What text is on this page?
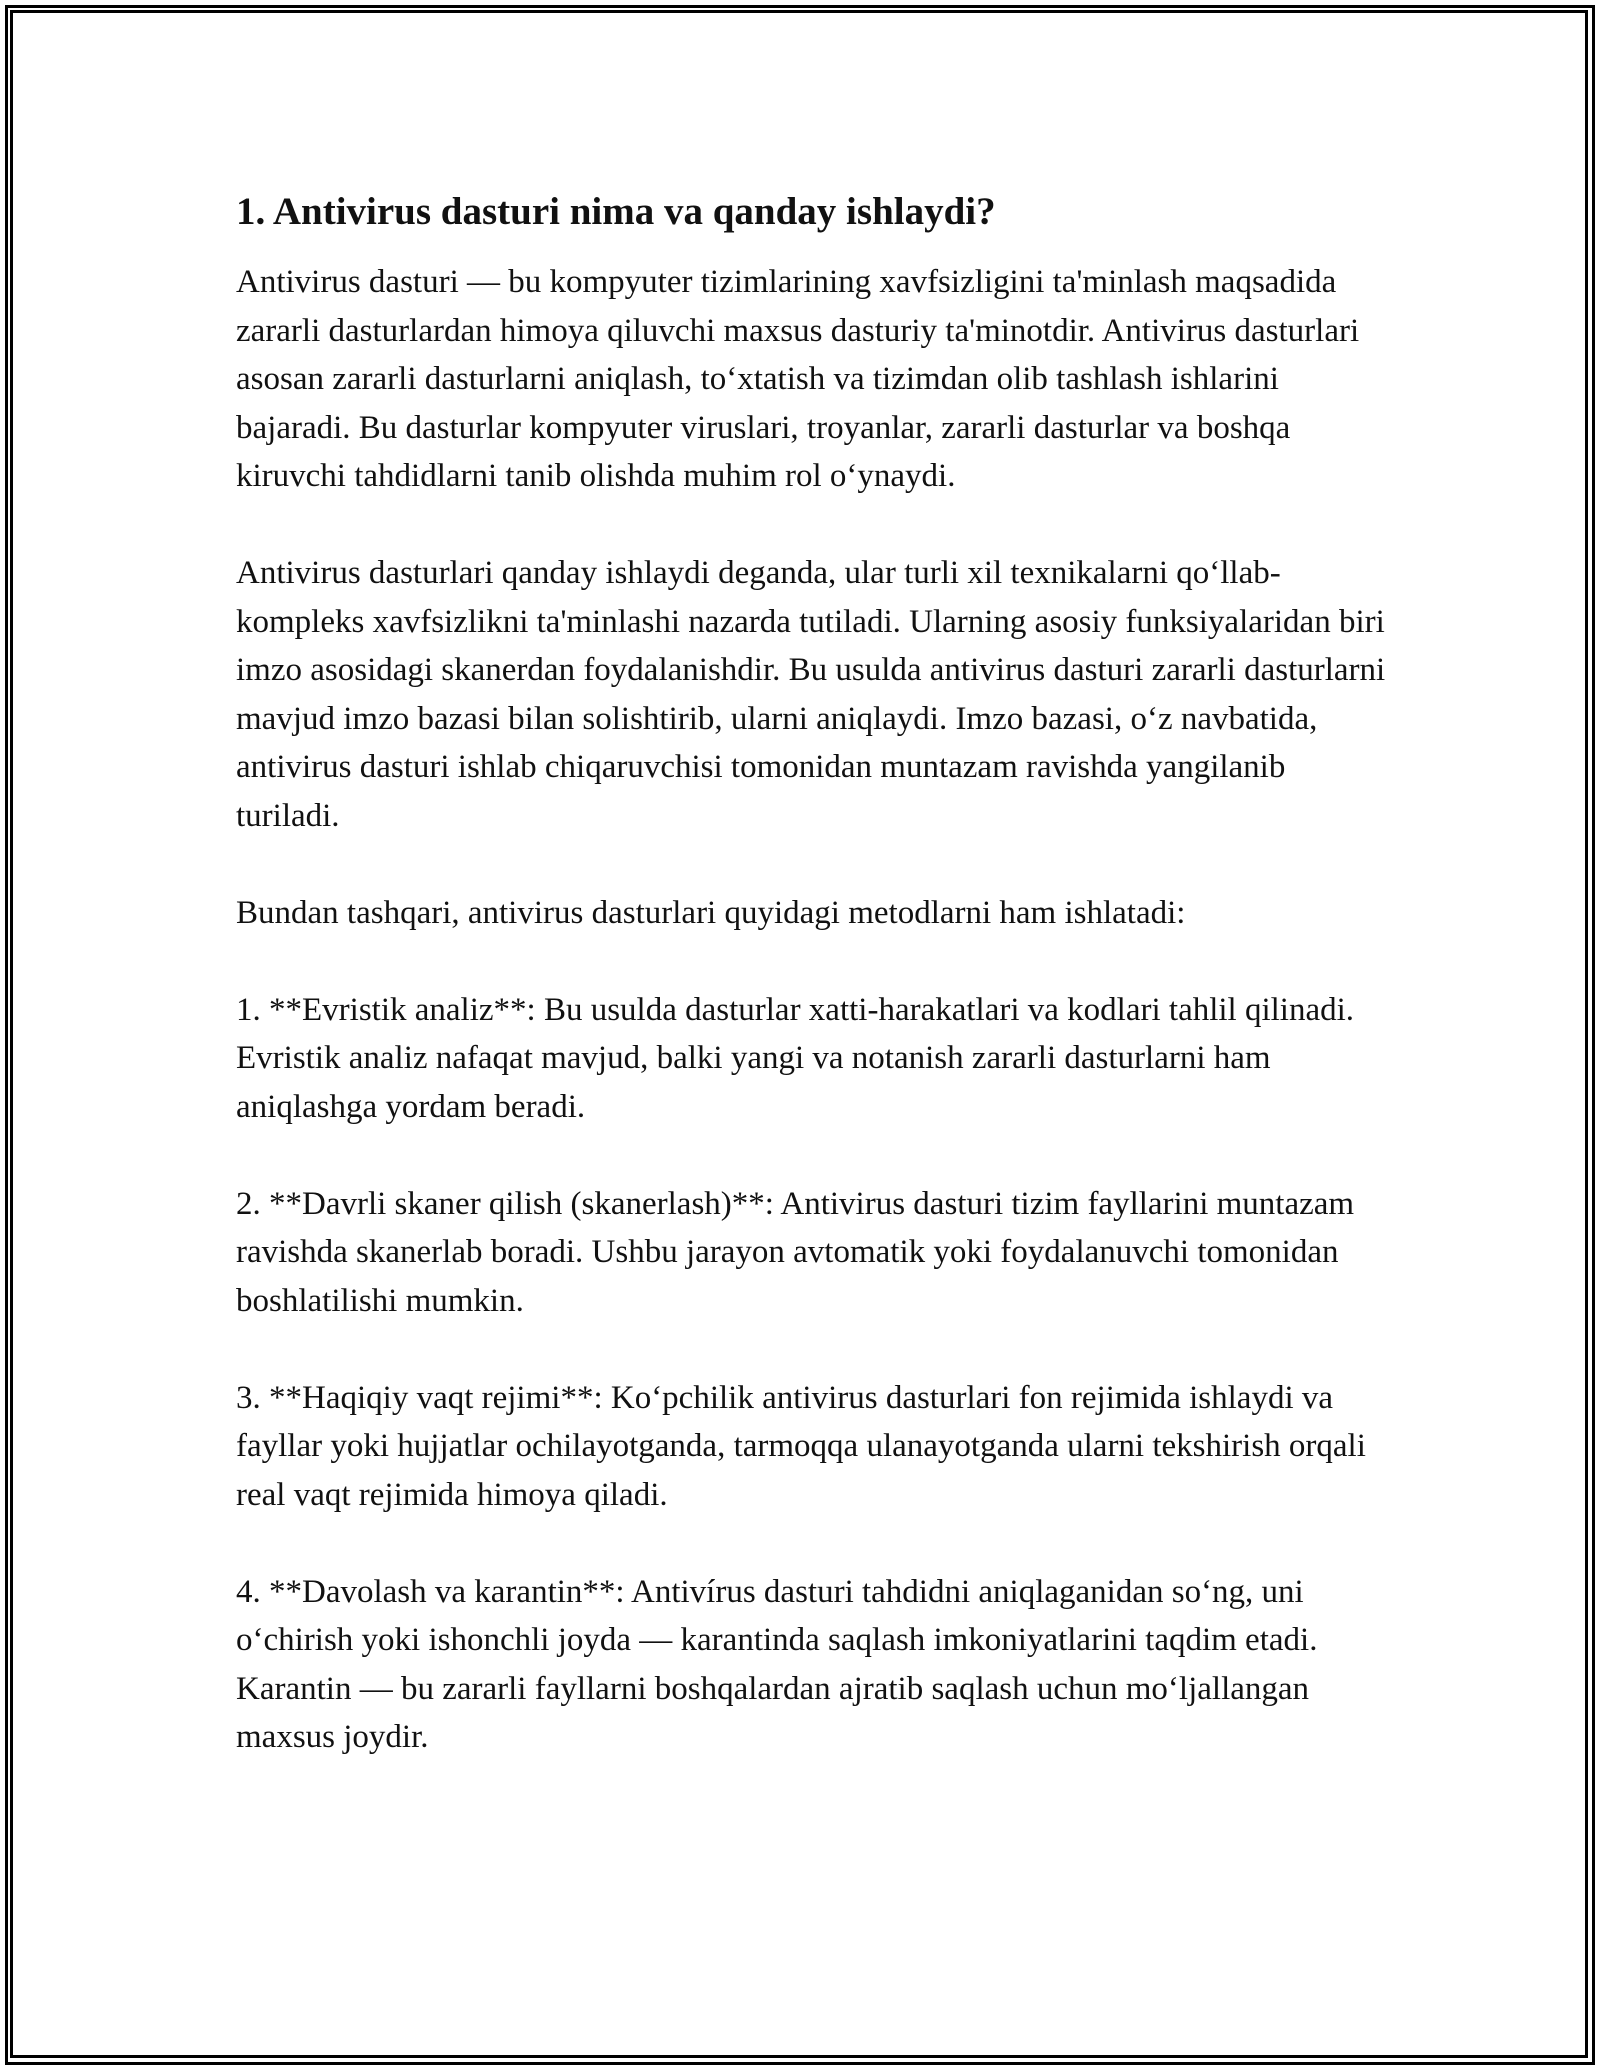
1. Antivirus dasturi nima va qanday ishlaydi?

Antivirus dasturi — bu kompyuter tizimlarining xavfsizligini ta'minlash maqsadida zararli dasturlardan himoya qiluvchi maxsus dasturiy ta'minotdir. Antivirus dasturlari asosan zararli dasturlarni aniqlash, to‘xtatish va tizimdan olib tashlash ishlarini bajaradi. Bu dasturlar kompyuter viruslari, troyanlar, zararli dasturlar va boshqa kiruvchi tahdidlarni tanib olishda muhim rol o‘ynaydi.

Antivirus dasturlari qanday ishlaydi deganda, ular turli xil texnikalarni qo‘llab-kompleks xavfsizlikni ta'minlashi nazarda tutiladi. Ularning asosiy funksiyalaridan biri imzo asosidagi skanerdan foydalanishdir. Bu usulda antivirus dasturi zararli dasturlarni mavjud imzo bazasi bilan solishtirib, ularni aniqlaydi. Imzo bazasi, o‘z navbatida, antivirus dasturi ishlab chiqaruvchisi tomonidan muntazam ravishda yangilanib turiladi.

Bundan tashqari, antivirus dasturlari quyidagi metodlarni ham ishlatadi:

1. **Evristik analiz**: Bu usulda dasturlar xatti-harakatlari va kodlari tahlil qilinadi. Evristik analiz nafaqat mavjud, balki yangi va notanish zararli dasturlarni ham aniqlashga yordam beradi.

2. **Davrli skaner qilish (skanerlash)**: Antivirus dasturi tizim fayllarini muntazam ravishda skanerlab boradi. Ushbu jarayon avtomatik yoki foydalanuvchi tomonidan boshlatilishi mumkin.

3. **Haqiqiy vaqt rejimi**: Ko‘pchilik antivirus dasturlari fon rejimida ishlaydi va fayllar yoki hujjatlar ochilayotganda, tarmoqqa ulanayotganda ularni tekshirish orqali real vaqt rejimida himoya qiladi.

4. **Davolash va karantin**: Antivírus dasturi tahdidni aniqlaganidan so‘ng, uni o‘chirish yoki ishonchli joyda — karantinda saqlash imkoniyatlarini taqdim etadi. Karantin — bu zararli fayllarni boshqalardan ajratib saqlash uchun mo‘ljallangan maxsus joydir.
